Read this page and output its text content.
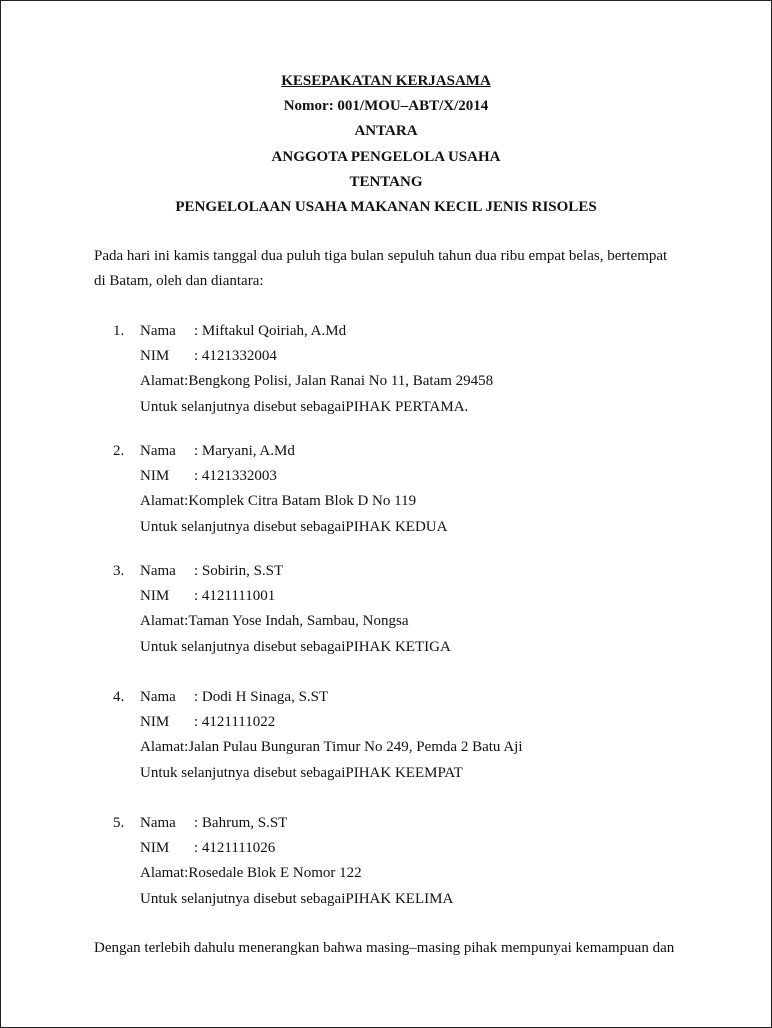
KESEPAKATAN KERJASAMA
Nomor: 001/MOU–ABT/X/2014
ANTARA
ANGGOTA PENGELOLA USAHA
TENTANG
PENGELOLAAN USAHA MAKANAN KECIL JENIS RISOLES
Pada hari ini kamis tanggal dua puluh tiga bulan sepuluh tahun dua ribu empat belas, bertempat
di Batam, oleh dan diantara:
1.	Nama : Miftakul Qoiriah, A.Md
NIM	: 4121332004
Alamat: Bengkong Polisi, Jalan Ranai No 11, Batam 29458
Untuk selanjutnya disebut sebagai PIHAK PERTAMA.
2.	Nama : Maryani, A.Md
NIM	: 4121332003
Alamat: Komplek Citra Batam Blok D No 119
Untuk selanjutnya disebut sebagai PIHAK KEDUA
3.	Nama : Sobirin, S.ST
NIM	: 4121111001
Alamat: Taman Yose Indah, Sambau, Nongsa
Untuk selanjutnya disebut sebagai PIHAK KETIGA
4.	Nama : Dodi H Sinaga, S.ST
NIM	: 4121111022
Alamat: Jalan Pulau Bunguran Timur No 249, Pemda 2 Batu Aji
Untuk selanjutnya disebut sebagai PIHAK KEEMPAT
5.	Nama : Bahrum, S.ST
NIM	: 4121111026
Alamat: Rosedale Blok E Nomor 122
Untuk selanjutnya disebut sebagai PIHAK KELIMA
Dengan terlebih dahulu menerangkan bahwa masing–masing pihak mempunyai kemampuan dan
